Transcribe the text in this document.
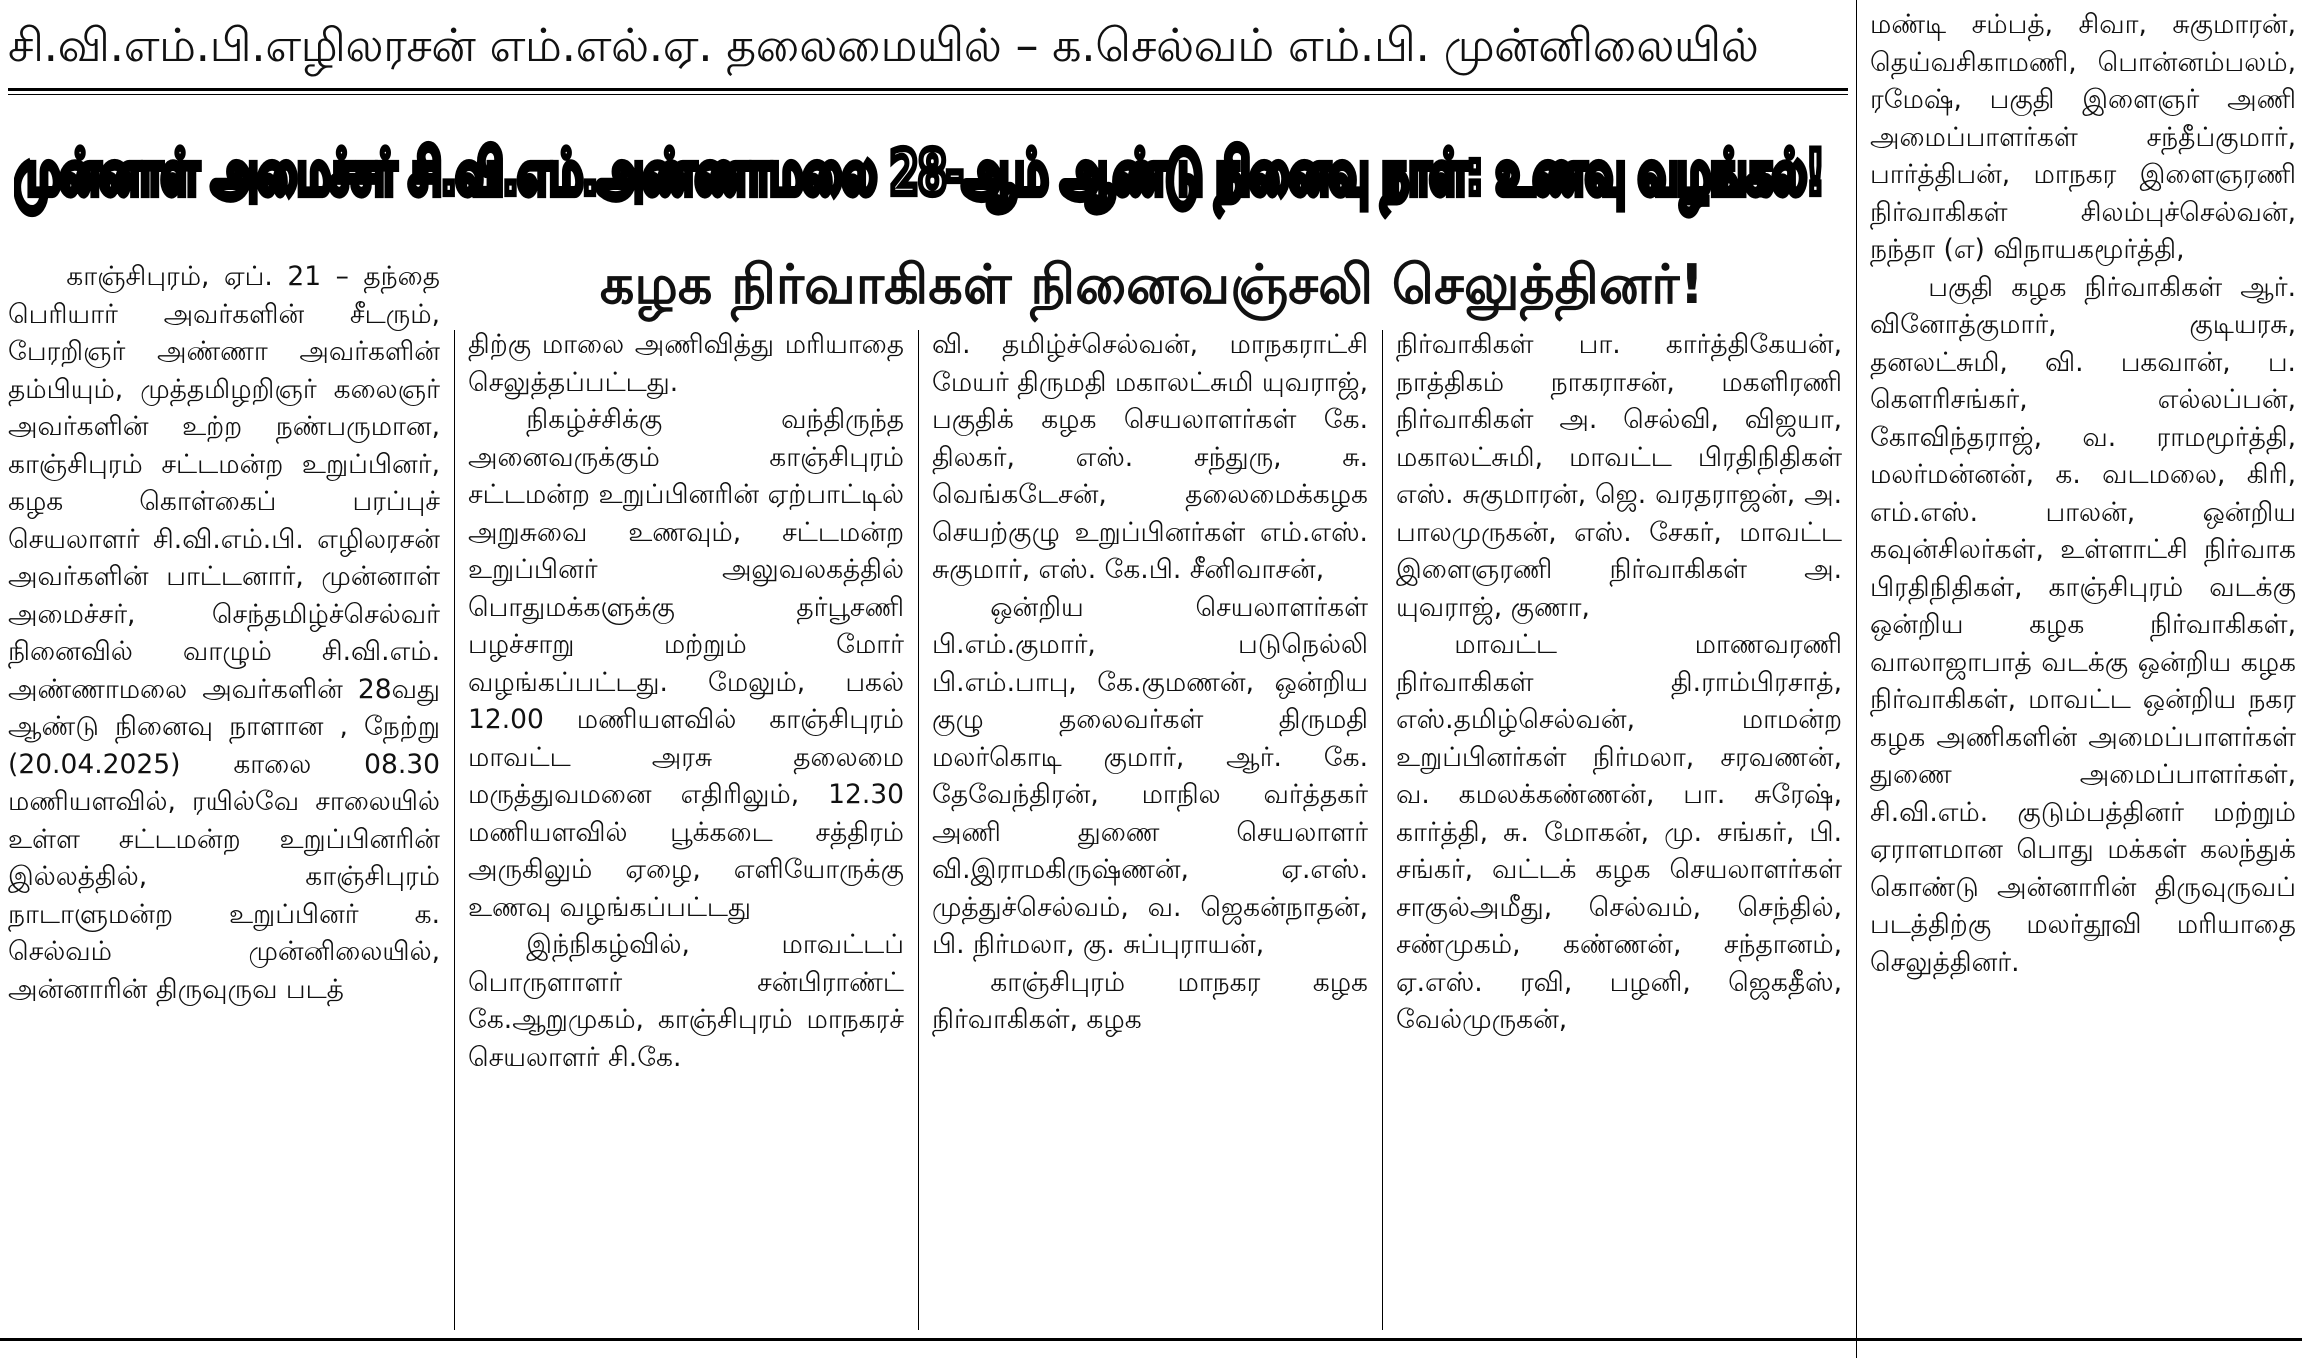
சி.வி.எம்.பி.எழிலரசன் எம்.எல்.ஏ. தலைமையில் – க.செல்வம் எம்.பி. முன்னிலையில்
முன்னாள் அமைச்சர் சி.வி.எம்.அண்ணாமலை 28-ஆம் ஆண்டு நினைவு நாள்: உணவு வழங்கல்!
கழக நிர்வாகிகள் நினைவஞ்சலி செலுத்தினர்!

காஞ்சிபுரம், ஏப். 21 – தந்தை பெரியார் அவர்களின் சீடரும், பேரறிஞர் அண்ணா அவர்களின் தம்பியும், முத்தமிழறிஞர் கலைஞர் அவர்களின் உற்ற நண்பருமான, காஞ்சிபுரம் சட்டமன்ற உறுப்பினர், கழக கொள்கைப் பரப்புச் செயலாளர் சி.வி.எம்.பி. எழிலரசன் அவர்களின் பாட்டனார், முன்னாள் அமைச்சர், செந்தமிழ்ச்செல்வர் நினைவில் வாழும் சி.வி.எம். அண்ணாமலை அவர்களின் 28வது ஆண்டு நினைவு நாளான , நேற்று (20.04.2025) காலை 08.30 மணியளவில், ரயில்வே சாலையில் உள்ள சட்டமன்ற உறுப்பினரின் இல்லத்தில், காஞ்சிபுரம் நாடாளுமன்ற உறுப்பினர் க. செல்வம் முன்னிலையில், அன்னாரின் திருவுருவ படத்

திற்கு மாலை அணிவித்து மரியாதை செலுத்தப்பட்டது.

நிகழ்ச்சிக்கு வந்திருந்த அனைவருக்கும் காஞ்சிபுரம் சட்டமன்ற உறுப்பினரின் ஏற்பாட்டில் அறுசுவை உணவும், சட்டமன்ற உறுப்பினர் அலுவலகத்தில் பொதுமக்களுக்கு தர்பூசணி பழச்சாறு மற்றும் மோர் வழங்கப்பட்டது. மேலும், பகல் 12.00 மணியளவில் காஞ்சிபுரம் மாவட்ட அரசு தலைமை மருத்துவமனை எதிரிலும், 12.30 மணியளவில் பூக்கடை சத்திரம் அருகிலும் ஏழை, எளியோருக்கு உணவு வழங்கப்பட்டது

இந்நிகழ்வில், மாவட்டப் பொருளாளர் சன்பிராண்ட் கே.ஆறுமுகம், காஞ்சிபுரம் மாநகரச் செயலாளர் சி.கே.

வி. தமிழ்ச்செல்வன், மாநகராட்சி மேயர் திருமதி மகாலட்சுமி யுவராஜ், பகுதிக் கழக செயலாளர்கள் கே. திலகர், எஸ். சந்துரு, சு. வெங்கடேசன், தலைமைக்கழக செயற்குழு உறுப்பினர்கள் எம்.எஸ். சுகுமார், எஸ். கே.பி. சீனிவாசன்,

ஒன்றிய செயலாளர்கள் பி.எம்.குமார், படுநெல்லி பி.எம்.பாபு, கே.குமணன், ஒன்றிய குழு தலைவர்கள் திருமதி மலர்கொடி குமார், ஆர். கே. தேவேந்திரன், மாநில வர்த்தகர் அணி துணை செயலாளர் வி.இராமகிருஷ்ணன், ஏ.எஸ். முத்துச்செல்வம், வ. ஜெகன்நாதன், பி. நிர்மலா, கு. சுப்புராயன்,

காஞ்சிபுரம் மாநகர கழக நிர்வாகிகள், கழக

நிர்வாகிகள் பா. கார்த்திகேயன், நாத்திகம் நாகராசன், மகளிரணி நிர்வாகிகள் அ. செல்வி, விஜயா, மகாலட்சுமி, மாவட்ட பிரதிநிதிகள் எஸ். சுகுமாரன், ஜெ. வரதராஜன், அ. பாலமுருகன், எஸ். சேகர், மாவட்ட இளைஞரணி நிர்வாகிகள் அ. யுவராஜ், குணா,

மாவட்ட மாணவரணி நிர்வாகிகள் தி.ராம்பிரசாத், எஸ்.தமிழ்செல்வன், மாமன்ற உறுப்பினர்கள் நிர்மலா, சரவணன், வ. கமலக்கண்ணன், பா. சுரேஷ், கார்த்தி, சு. மோகன், மு. சங்கர், பி. சங்கர், வட்டக் கழக செயலாளர்கள் சாகுல்அமீது, செல்வம், செந்தில், சண்முகம், கண்ணன், சந்தானம், ஏ.எஸ். ரவி, பழனி, ஜெகதீஸ், வேல்முருகன்,

மண்டி சம்பத், சிவா, சுகுமாரன், தெய்வசிகாமணி, பொன்னம்பலம், ரமேஷ், பகுதி இளைஞர் அணி அமைப்பாளர்கள் சந்தீப்குமார், பார்த்திபன், மாநகர இளைஞரணி நிர்வாகிகள் சிலம்புச்செல்வன், நந்தா (எ) விநாயகமூர்த்தி,

பகுதி கழக நிர்வாகிகள் ஆர். வினோத்குமார், குடியரசு, தனலட்சுமி, வி. பகவான், ப. கௌரிசங்கர், எல்லப்பன், கோவிந்தராஜ், வ. ராமமூர்த்தி, மலர்மன்னன், க. வடமலை, கிரி, எம்.எஸ். பாலன், ஒன்றிய கவுன்சிலர்கள், உள்ளாட்சி நிர்வாக பிரதிநிதிகள், காஞ்சிபுரம் வடக்கு ஒன்றிய கழக நிர்வாகிகள், வாலாஜாபாத் வடக்கு ஒன்றிய கழக நிர்வாகிகள், மாவட்ட ஒன்றிய நகர கழக அணிகளின் அமைப்பாளர்கள் துணை அமைப்பாளர்கள், சி.வி.எம். குடும்பத்தினர் மற்றும் ஏராளமான பொது மக்கள் கலந்துக் கொண்டு அன்னாரின் திருவுருவப் படத்திற்கு மலர்தூவி மரியாதை செலுத்தினர்.
